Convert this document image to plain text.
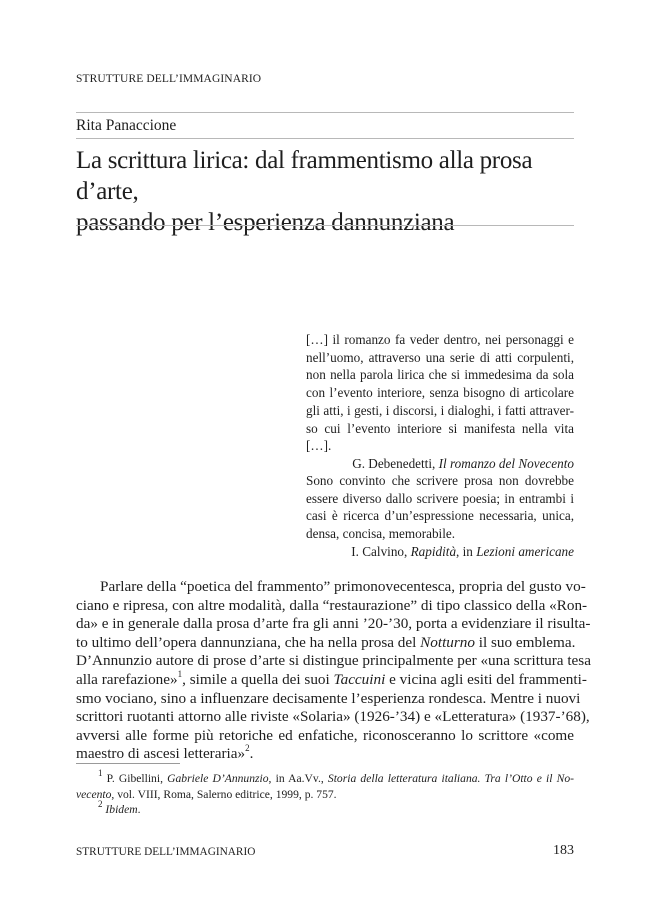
STRUTTURE DELL’IMMAGINARIO
Rita Panaccione
La scrittura lirica: dal frammentismo alla prosa d’arte,
passando per l’esperienza dannunziana
[…] il romanzo fa veder dentro, nei personaggi e
nell’uomo, attraverso una serie di atti corpulenti,
non nella parola lirica che si immedesima da sola
con l’evento interiore, senza bisogno di articolare
gli atti, i gesti, i discorsi, i dialoghi, i fatti attraver-
so cui l’evento interiore si manifesta nella vita
[…].
G. Debenedetti, Il romanzo del Novecento
Sono convinto che scrivere prosa non dovrebbe
essere diverso dallo scrivere poesia; in entrambi i
casi è ricerca d’un’espressione necessaria, unica,
densa, concisa, memorabile.
I. Calvino, Rapidità, in Lezioni americane
Parlare della “poetica del frammento” primonovecentesca, propria del gusto vo-
ciano e ripresa, con altre modalità, dalla “restaurazione” di tipo classico della «Ron-
da» e in generale dalla prosa d’arte fra gli anni ’20-’30, porta a evidenziare il risulta-
to ultimo dell’opera dannunziana, che ha nella prosa del Notturno il suo emblema.
D’Annunzio autore di prose d’arte si distingue principalmente per «una scrittura tesa
alla rarefazione»$^1$, simile a quella dei suoi Taccuini e vicina agli esiti del frammenti-
smo vociano, sino a influenzare decisamente l’esperienza rondesca. Mentre i nuovi
scrittori ruotanti attorno alle riviste «Solaria» (1926-’34) e «Letteratura» (1937-’68),
avversi alle forme più retoriche ed enfatiche, riconosceranno lo scrittore «come
maestro di ascesi letteraria»$^2$.
$^1$ P. Gibellini, Gabriele D’Annunzio, in Aa.Vv., Storia della letteratura italiana. Tra l’Otto e il No-
vecento, vol. VIII, Roma, Salerno editrice, 1999, p. 757.
$^2$ Ibidem.
STRUTTURE DELL’IMMAGINARIO	183
